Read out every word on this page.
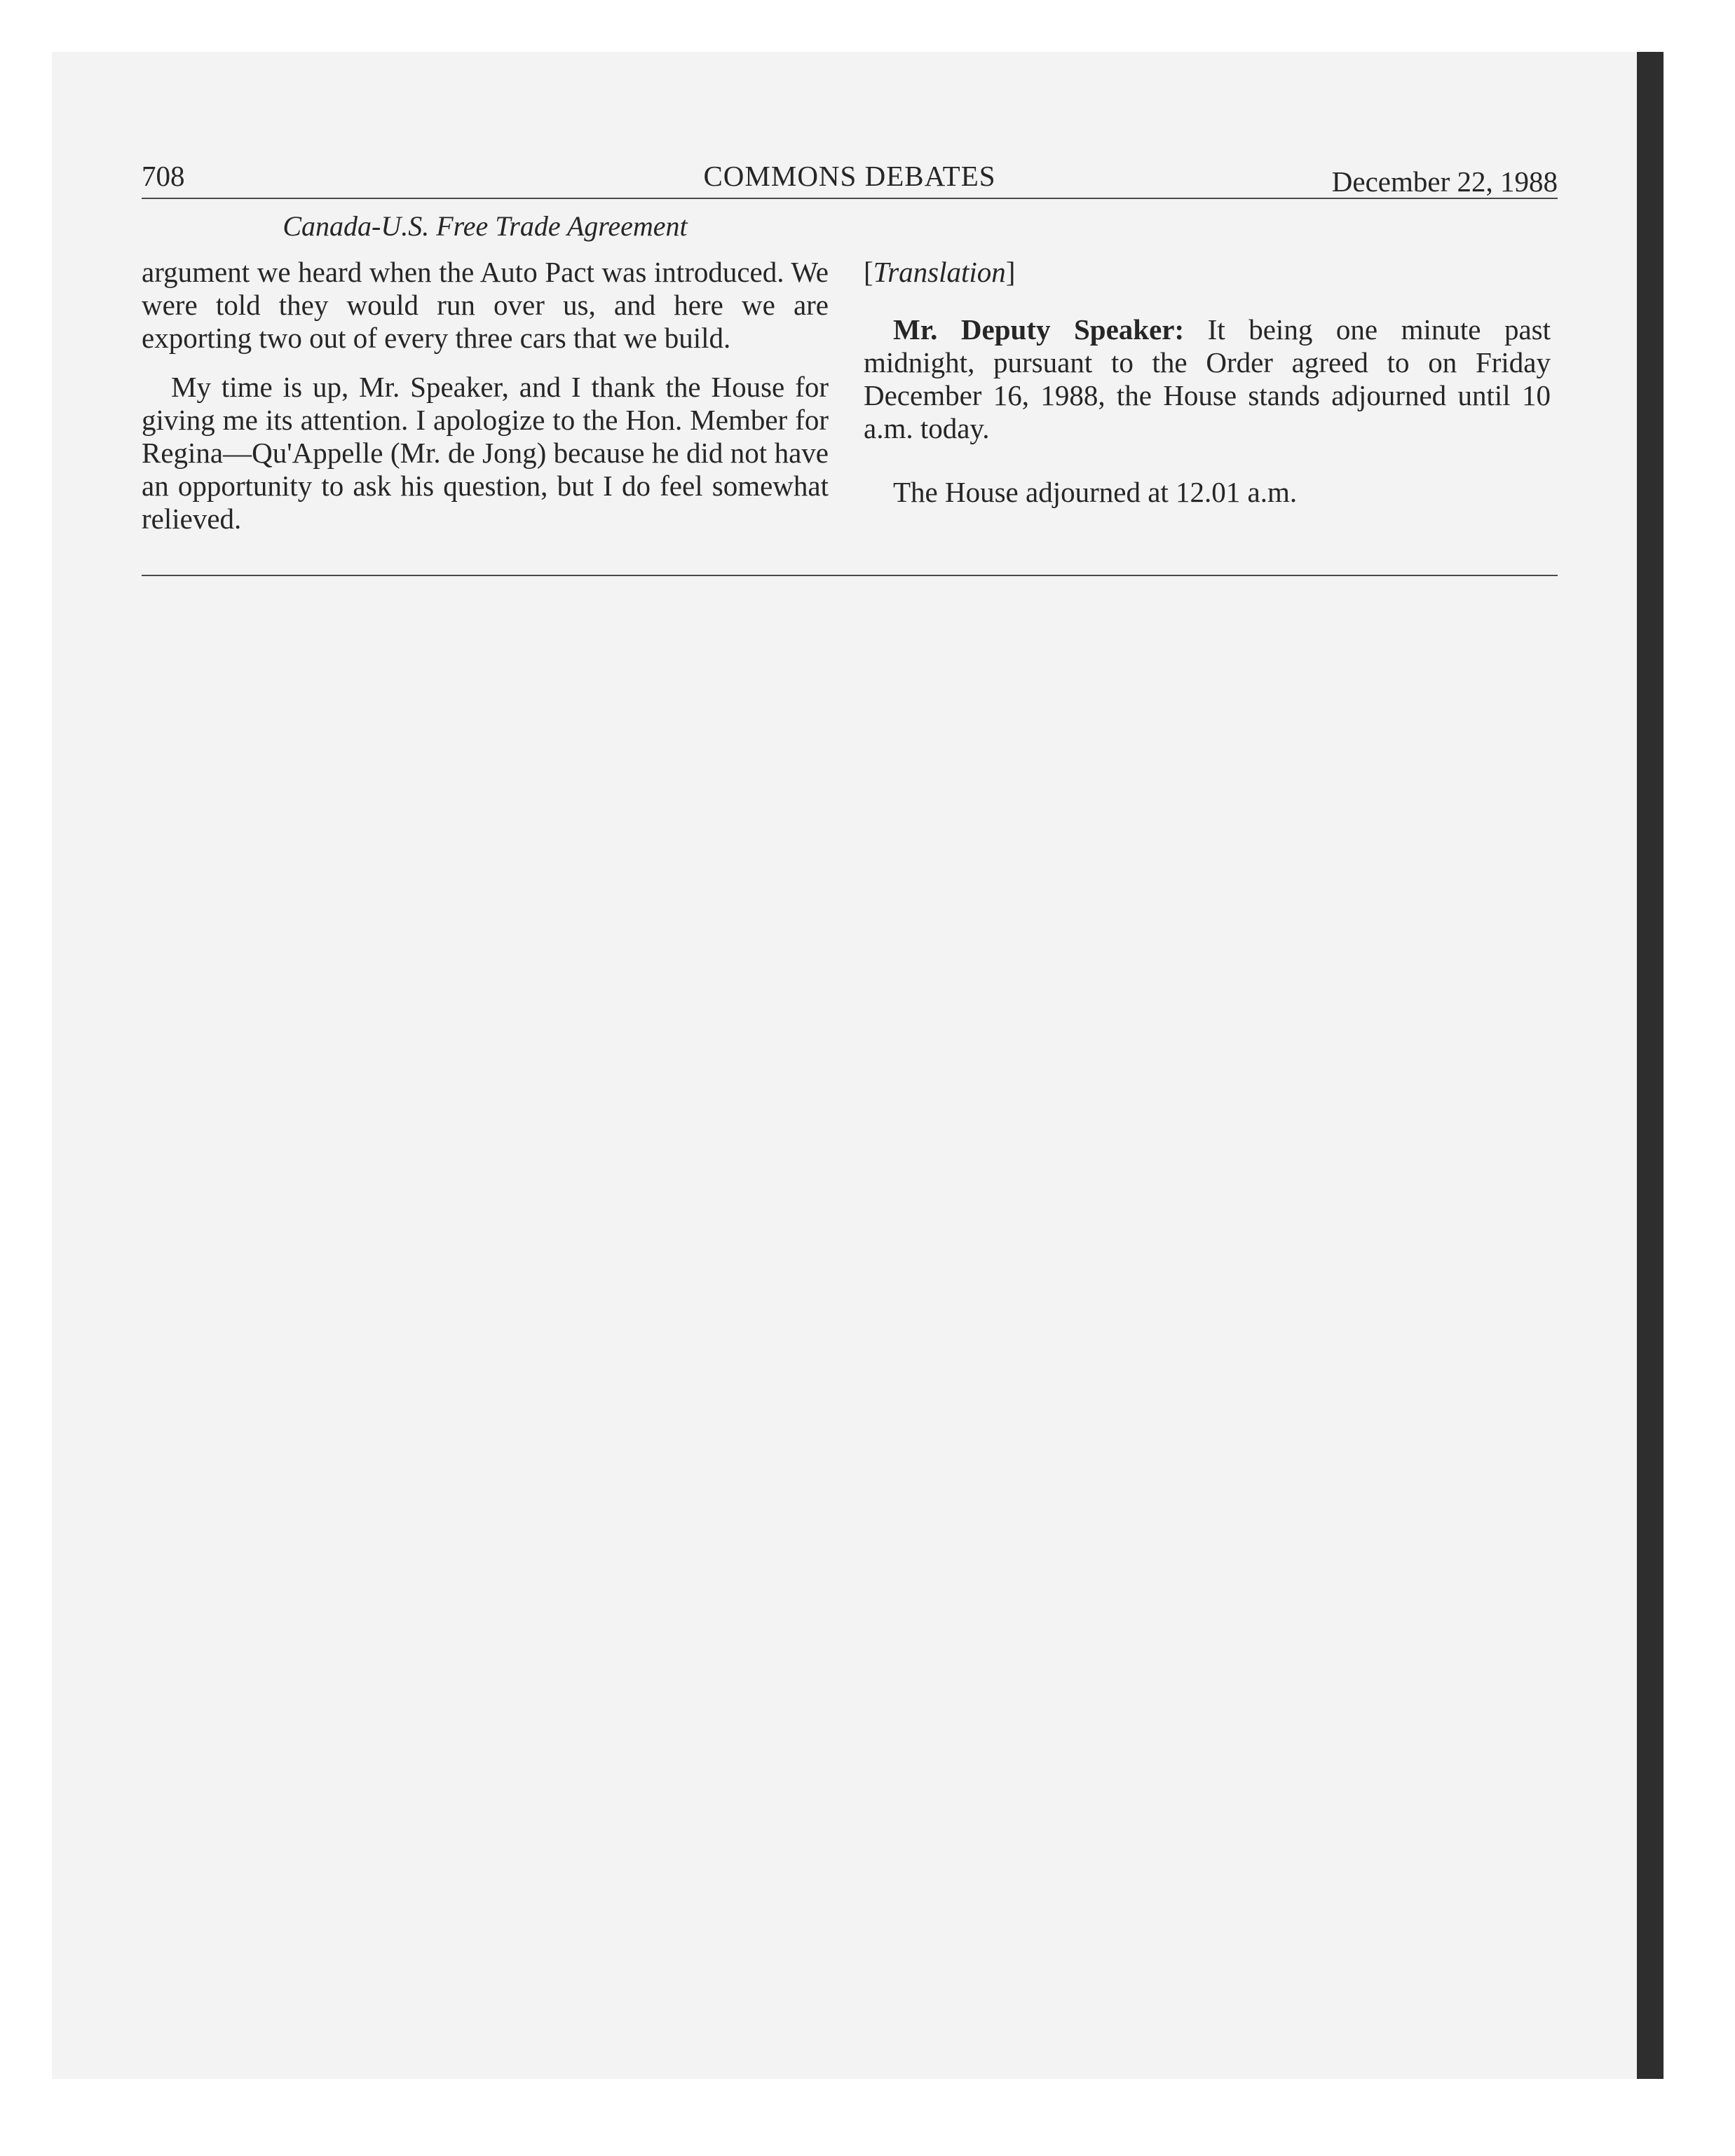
708	COMMONS DEBATES	December 22, 1988
Canada-U.S. Free Trade Agreement

argument we heard when the Auto Pact was introduced. We were told they would run over us, and here we are exporting two out of every three cars that we build.

My time is up, Mr. Speaker, and I thank the House for giving me its attention. I apologize to the Hon. Member for Regina—Qu'Appelle (Mr. de Jong) because he did not have an opportunity to ask his question, but I do feel somewhat relieved.

[Translation]

Mr. Deputy Speaker: It being one minute past midnight, pursuant to the Order agreed to on Friday December 16, 1988, the House stands adjourned until 10 a.m. today.

The House adjourned at 12.01 a.m.
